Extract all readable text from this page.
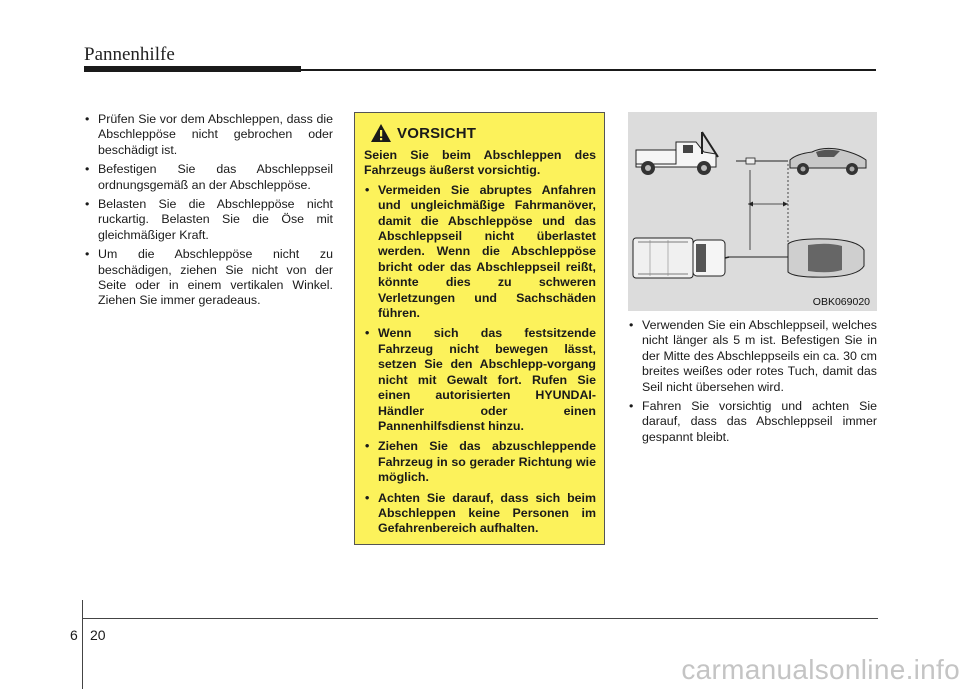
Pannenhilfe
• Prüfen Sie vor dem Abschleppen, dass die Abschleppöse nicht gebrochen oder beschädigt ist.
• Befestigen Sie das Abschleppseil ordnungsgemäß an der Abschleppöse.
• Belasten Sie die Abschleppöse nicht ruckartig. Belasten Sie die Öse mit gleichmäßiger Kraft.
• Um die Abschleppöse nicht zu beschädigen, ziehen Sie nicht von der Seite oder in einem vertikalen Winkel. Ziehen Sie immer geradeaus.
VORSICHT
Seien Sie beim Abschleppen des Fahrzeugs äußerst vorsichtig.
• Vermeiden Sie abruptes Anfahren und ungleichmäßige Fahrmanöver, damit die Abschleppöse und das Abschleppseil nicht überlastet werden. Wenn die Abschleppöse bricht oder das Abschleppseil reißt, könnte dies zu schweren Verletzungen und Sachschäden führen.
• Wenn sich das festsitzende Fahrzeug nicht bewegen lässt, setzen Sie den Abschlepp-vorgang nicht mit Gewalt fort. Rufen Sie einen autorisierten HYUNDAI-Händler oder einen Pannenhilfsdienst hinzu.
• Ziehen Sie das abzuschleppende Fahrzeug in so gerader Richtung wie möglich.
• Achten Sie darauf, dass sich beim Abschleppen keine Personen im Gefahrenbereich aufhalten.
OBK069020
• Verwenden Sie ein Abschleppseil, welches nicht länger als 5 m ist. Befestigen Sie in der Mitte des Abschleppseils ein ca. 30 cm breites weißes oder rotes Tuch, damit das Seil nicht übersehen wird.
• Fahren Sie vorsichtig und achten Sie darauf, dass das Abschleppseil immer gespannt bleibt.
6 20
carmanualsonline.info
